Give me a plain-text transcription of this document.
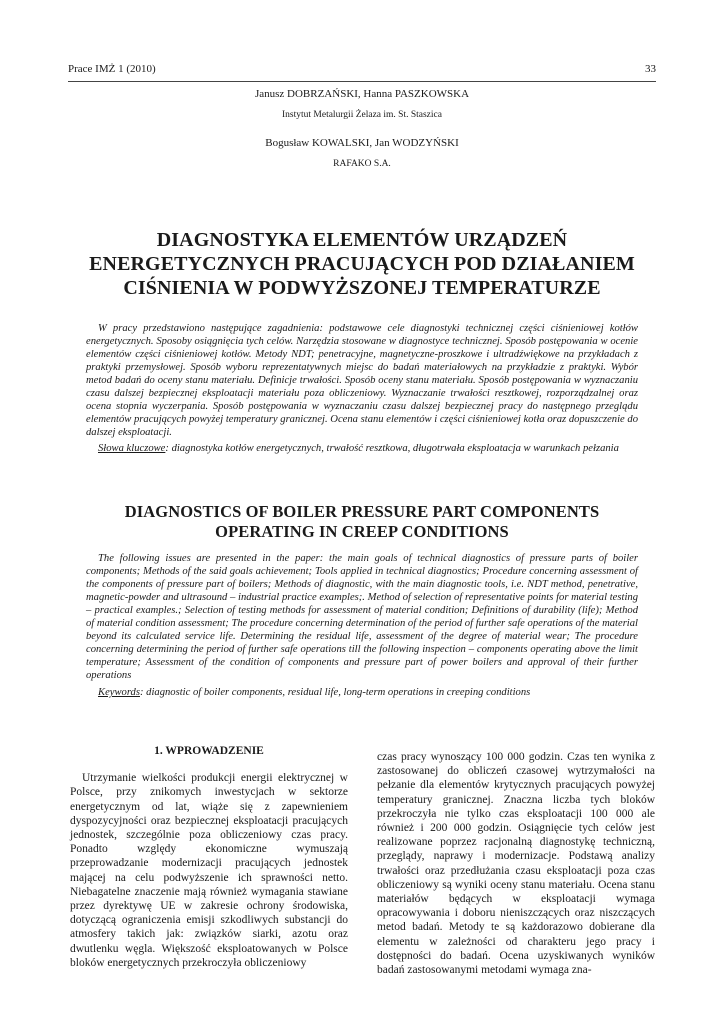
Prace IMŻ 1 (2010)	33
Janusz DOBRZAŃSKI, Hanna PASZKOWSKA
Instytut Metalurgii Żelaza im. St. Staszica
Bogusław KOWALSKI, Jan WODZYŃSKI
RAFAKO S.A.
DIAGNOSTYKA ELEMENTÓW URZĄDZEŃ
ENERGETYCZNYCH PRACUJĄCYCH POD DZIAŁANIEM
CIŚNIENIA W PODWYŻSZONEJ TEMPERATURZE

W pracy przedstawiono następujące zagadnienia: podstawowe cele diagnostyki technicznej części ciśnieniowej kotłów energetycznych. Sposoby osiągnięcia tych celów. Narzędzia stosowane w diagnostyce technicznej. Sposób postępowania w ocenie elementów części ciśnieniowej kotłów. Metody NDT; penetracyjne, magnetyczne-proszkowe i ultradźwiękowe na przykładach z praktyki przemysłowej. Sposób wyboru reprezentatywnych miejsc do badań materiałowych na przykładzie z praktyki. Wybór metod badań do oceny stanu materiału. Definicje trwałości. Sposób oceny stanu materiału. Sposób postępowania w wyznaczaniu czasu dalszej bezpiecznej eksploatacji materiału poza obliczeniowy. Wyznaczanie trwałości resztkowej, rozporządzalnej oraz ocena stopnia wyczerpania. Sposób postępowania w wyznaczaniu czasu dalszej bezpiecznej pracy do następnego przeglądu elementów pracujących powyżej temperatury granicznej. Ocena stanu elementów i części ciśnieniowej kotła oraz dopuszczenie do dalszej eksploatacji.

Słowa kluczowe: diagnostyka kotłów energetycznych, trwałość resztkowa, długotrwała eksploatacja w warunkach pełzania
DIAGNOSTICS OF BOILER PRESSURE PART COMPONENTS
OPERATING IN CREEP CONDITIONS

The following issues are presented in the paper: the main goals of technical diagnostics of pressure parts of boiler components; Methods of the said goals achievement; Tools applied in technical diagnostics; Procedure concerning assessment of the components of pressure part of boilers; Methods of diagnostic, with the main diagnostic tools, i.e. NDT method, penetrative, magnetic-powder and ultrasound – industrial practice examples;. Method of selection of representative points for material testing – practical examples.; Selection of testing methods for assessment of material condition; Definitions of durability (life); Method of material condition assessment; The procedure concerning determination of the period of further safe operations of the material beyond its calculated service life. Determining the residual life, assessment of the degree of material wear; The procedure concerning determining the period of further safe operations till the following inspection – components operating above the limit temperature; Assessment of the condition of components and pressure part of power boilers and approval of their further operations

Keywords: diagnostic of boiler components, residual life, long-term operations in creeping conditions
1. WPROWADZENIE

Utrzymanie wielkości produkcji energii elektrycznej w Polsce, przy znikomych inwestycjach w sektorze energetycznym od lat, wiąże się z zapewnieniem dyspozycyjności oraz bezpiecznej eksploatacji pracujących jednostek, szczególnie poza obliczeniowy czas pracy. Ponadto względy ekonomiczne wymuszają przeprowadzanie modernizacji pracujących jednostek mającej na celu podwyższenie ich sprawności netto. Niebagatelne znaczenie mają również wymagania stawiane przez dyrektywę UE w zakresie ochrony środowiska, dotyczącą ograniczenia emisji szkodliwych substancji do atmosfery takich jak: związków siarki, azotu oraz dwutlenku węgla. Większość eksploatowanych w Polsce bloków energetycznych przekroczyła obliczeniowy

czas pracy wynoszący 100 000 godzin. Czas ten wynika z zastosowanej do obliczeń czasowej wytrzymałości na pełzanie dla elementów krytycznych pracujących powyżej temperatury granicznej. Znaczna liczba tych bloków przekroczyła nie tylko czas eksploatacji 100 000 ale również i 200 000 godzin. Osiągnięcie tych celów jest realizowane poprzez racjonalną diagnostykę techniczną, przeglądy, naprawy i modernizacje. Podstawą analizy trwałości oraz przedłużania czasu eksploatacji poza czas obliczeniowy są wyniki oceny stanu materiału. Ocena stanu materiałów będących w eksploatacji wymaga opracowywania i doboru nieniszczących oraz niszczących metod badań. Metody te są każdorazowo dobierane dla elementu w zależności od charakteru jego pracy i dostępności do badań. Ocena uzyskiwanych wyników badań zastosowanymi metodami wymaga zna-
